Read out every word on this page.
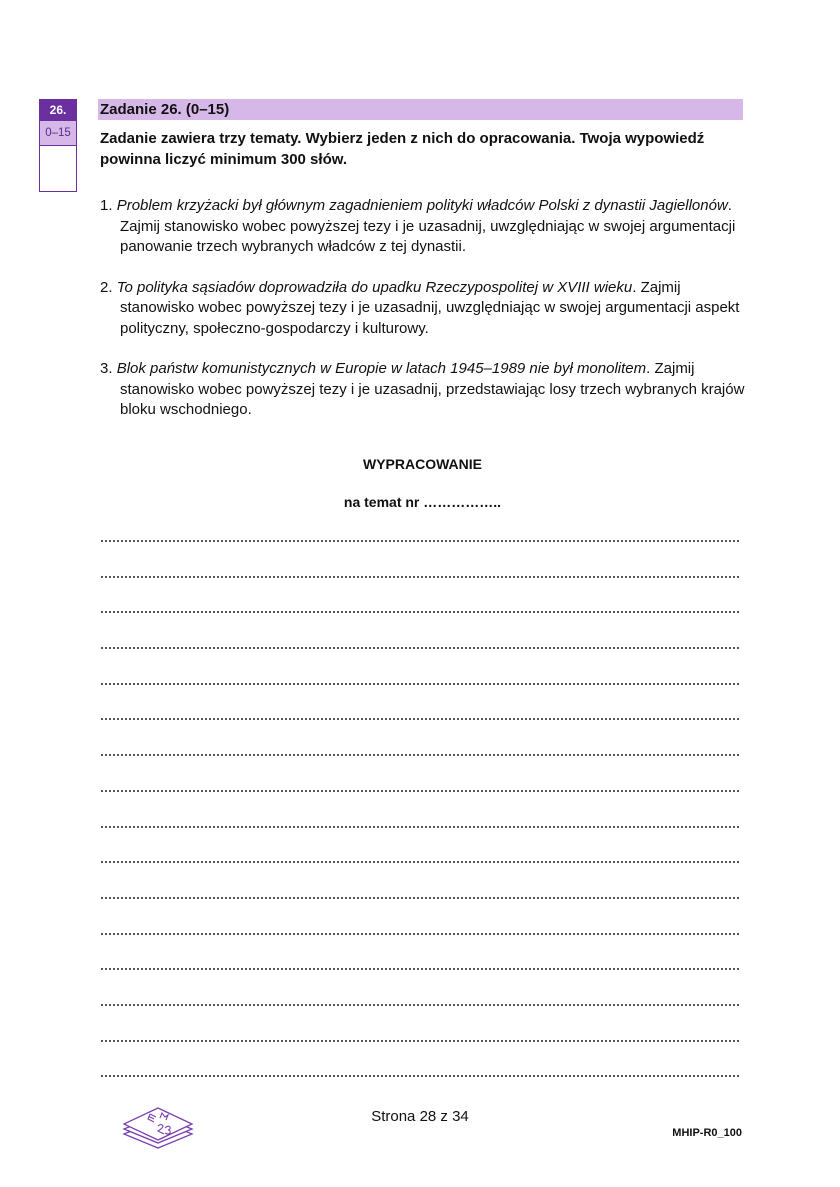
26.
0–15
Zadanie 26. (0–15)
Zadanie zawiera trzy tematy. Wybierz jeden z nich do opracowania. Twoja wypowiedź powinna liczyć minimum 300 słów.
1. Problem krzyżacki był głównym zagadnieniem polityki władców Polski z dynastii Jagiellonów. Zajmij stanowisko wobec powyższej tezy i je uzasadnij, uwzględniając w swojej argumentacji panowanie trzech wybranych władców z tej dynastii.
2. To polityka sąsiadów doprowadziła do upadku Rzeczypospolitej w XVIII wieku. Zajmij stanowisko wobec powyższej tezy i je uzasadnij, uwzględniając w swojej argumentacji aspekt polityczny, społeczno-gospodarczy i kulturowy.
3. Blok państw komunistycznych w Europie w latach 1945–1989 nie był monolitem. Zajmij stanowisko wobec powyższej tezy i je uzasadnij, przedstawiając losy trzech wybranych krajów bloku wschodniego.
WYPRACOWANIE
na temat nr ……………..
Strona 28 z 34
MHIP-R0_100
